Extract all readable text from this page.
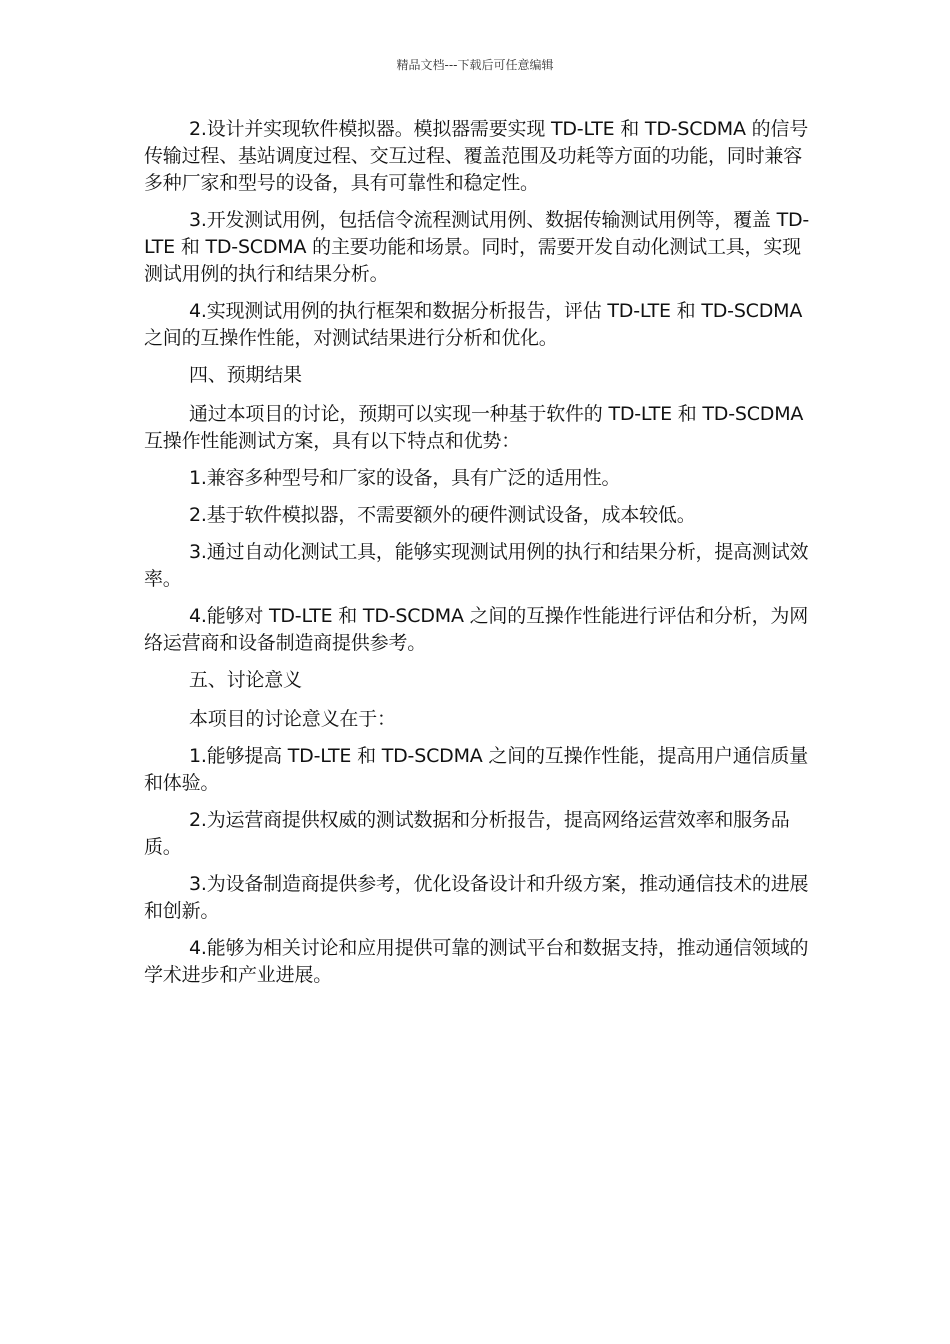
精品文档---下载后可任意编辑

2.设计并实现软件模拟器。模拟器需要实现 TD-LTE 和 TD-SCDMA 的信号传输过程、基站调度过程、交互过程、覆盖范围及功耗等方面的功能，同时兼容多种厂家和型号的设备，具有可靠性和稳定性。

3.开发测试用例，包括信令流程测试用例、数据传输测试用例等，覆盖 TD-LTE 和 TD-SCDMA 的主要功能和场景。同时，需要开发自动化测试工具，实现测试用例的执行和结果分析。

4.实现测试用例的执行框架和数据分析报告，评估 TD-LTE 和 TD-SCDMA 之间的互操作性能，对测试结果进行分析和优化。

四、预期结果

通过本项目的讨论，预期可以实现一种基于软件的 TD-LTE 和 TD-SCDMA 互操作性能测试方案，具有以下特点和优势：

1.兼容多种型号和厂家的设备，具有广泛的适用性。

2.基于软件模拟器，不需要额外的硬件测试设备，成本较低。

3.通过自动化测试工具，能够实现测试用例的执行和结果分析，提高测试效率。

4.能够对 TD-LTE 和 TD-SCDMA 之间的互操作性能进行评估和分析，为网络运营商和设备制造商提供参考。

五、讨论意义

本项目的讨论意义在于：

1.能够提高 TD-LTE 和 TD-SCDMA 之间的互操作性能，提高用户通信质量和体验。

2.为运营商提供权威的测试数据和分析报告，提高网络运营效率和服务品质。

3.为设备制造商提供参考，优化设备设计和升级方案，推动通信技术的进展和创新。

4.能够为相关讨论和应用提供可靠的测试平台和数据支持，推动通信领域的学术进步和产业进展。
